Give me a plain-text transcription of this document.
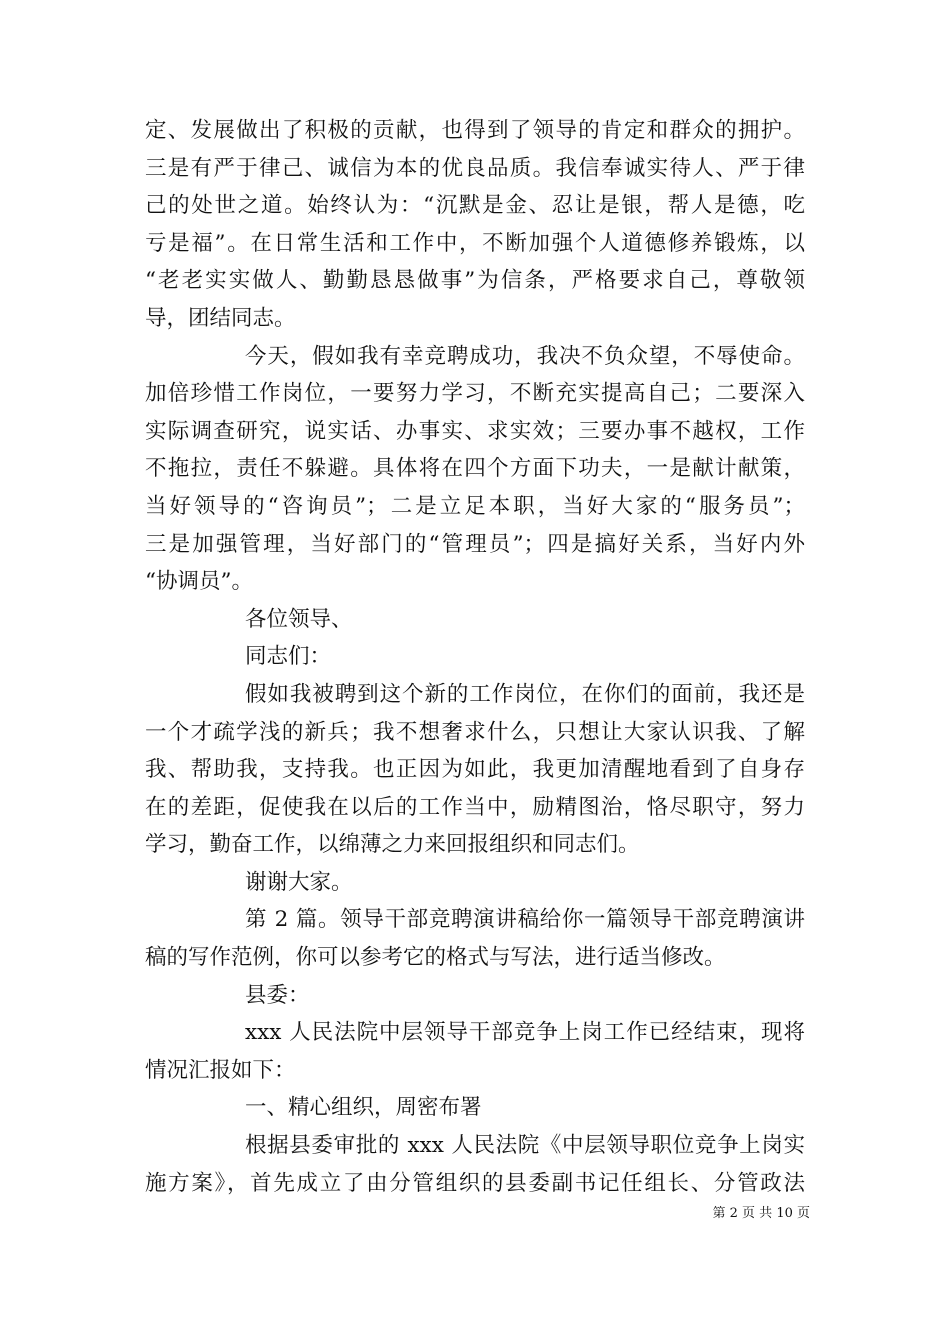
定、发展做出了积极的贡献，也得到了领导的肯定和群众的拥护。
三是有严于律己、诚信为本的优良品质。我信奉诚实待人、严于律
己的处世之道。始终认为：“沉默是金、忍让是银，帮人是德，吃
亏是福”。在日常生活和工作中，不断加强个人道德修养锻炼，以
“老老实实做人、勤勤恳恳做事”为信条，严格要求自己，尊敬领
导，团结同志。
今天，假如我有幸竞聘成功，我决不负众望，不辱使命。
加倍珍惜工作岗位，一要努力学习，不断充实提高自己；二要深入
实际调查研究，说实话、办事实、求实效；三要办事不越权，工作
不拖拉，责任不躲避。具体将在四个方面下功夫，一是献计献策，
当好领导的“咨询员”；二是立足本职，当好大家的“服务员”；
三是加强管理，当好部门的“管理员”；四是搞好关系，当好内外
“协调员”。
各位领导、
同志们：
假如我被聘到这个新的工作岗位，在你们的面前，我还是
一个才疏学浅的新兵；我不想奢求什么，只想让大家认识我、了解
我、帮助我，支持我。也正因为如此，我更加清醒地看到了自身存
在的差距，促使我在以后的工作当中，励精图治，恪尽职守，努力
学习，勤奋工作，以绵薄之力来回报组织和同志们。
谢谢大家。
第 2 篇。领导干部竞聘演讲稿给你一篇领导干部竞聘演讲
稿的写作范例，你可以参考它的格式与写法，进行适当修改。
县委：
xxx 人民法院中层领导干部竞争上岗工作已经结束，现将
情况汇报如下：
一、精心组织，周密布署
根据县委审批的 xxx 人民法院《中层领导职位竞争上岗实
施方案》，首先成立了由分管组织的县委副书记任组长、分管政法
第 2 页 共 10 页
